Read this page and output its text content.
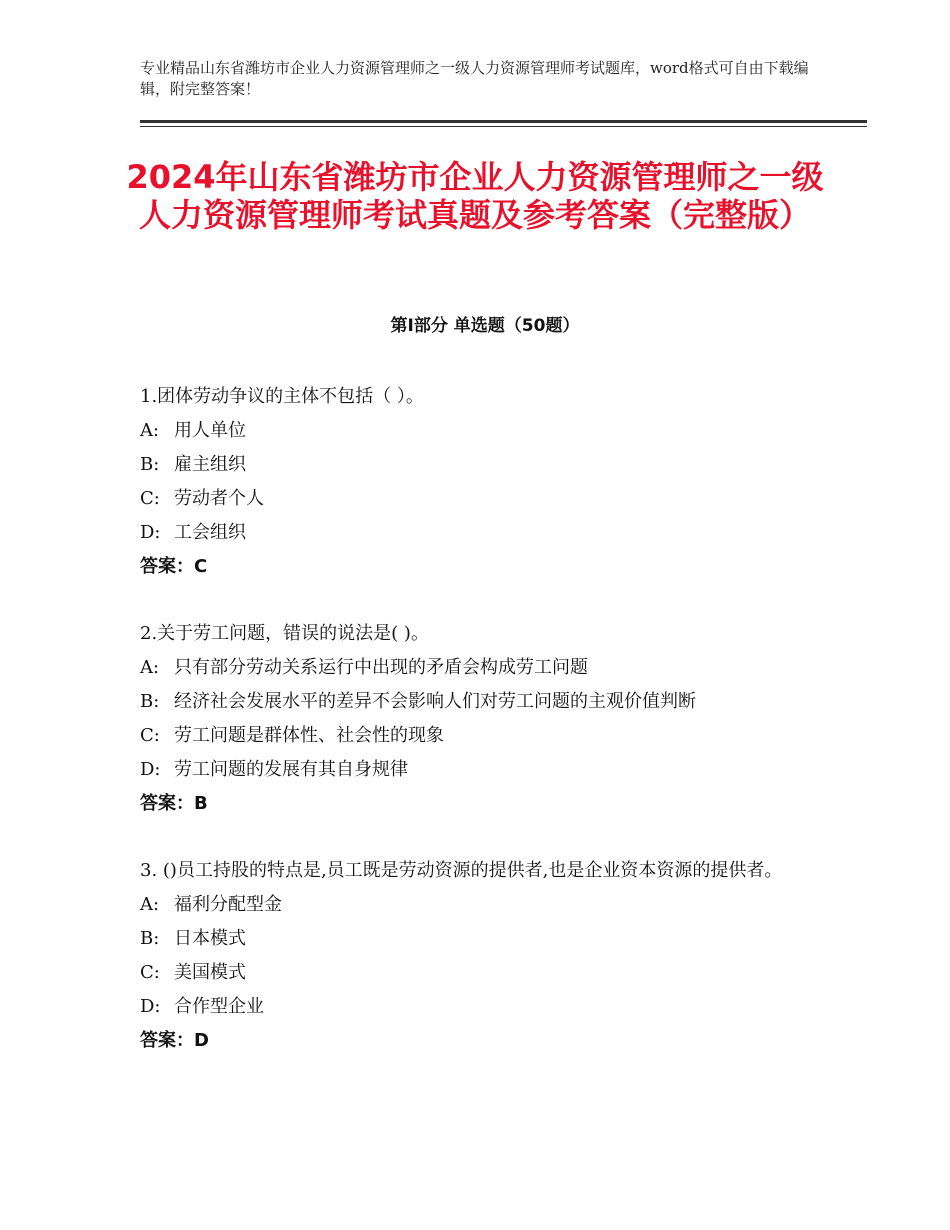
专业精品山东省潍坊市企业人力资源管理师之一级人力资源管理师考试题库，word格式可自由下载编辑，附完整答案！
2024年山东省潍坊市企业人力资源管理师之一级人力资源管理师考试真题及参考答案（完整版）
第Ⅰ部分 单选题（50题）

1.团体劳动争议的主体不包括（ ）。

A: 用人单位

B: 雇主组织

C: 劳动者个人

D: 工会组织

答案：C

2.关于劳工问题，错误的说法是( )。

A: 只有部分劳动关系运行中出现的矛盾会构成劳工问题

B: 经济社会发展水平的差异不会影响人们对劳工问题的主观价值判断

C: 劳工问题是群体性、社会性的现象

D: 劳工问题的发展有其自身规律

答案：B

3. ()员工持股的特点是,员工既是劳动资源的提供者,也是企业资本资源的提供者。

A: 福利分配型金

B: 日本模式

C: 美国模式

D: 合作型企业

答案：D
